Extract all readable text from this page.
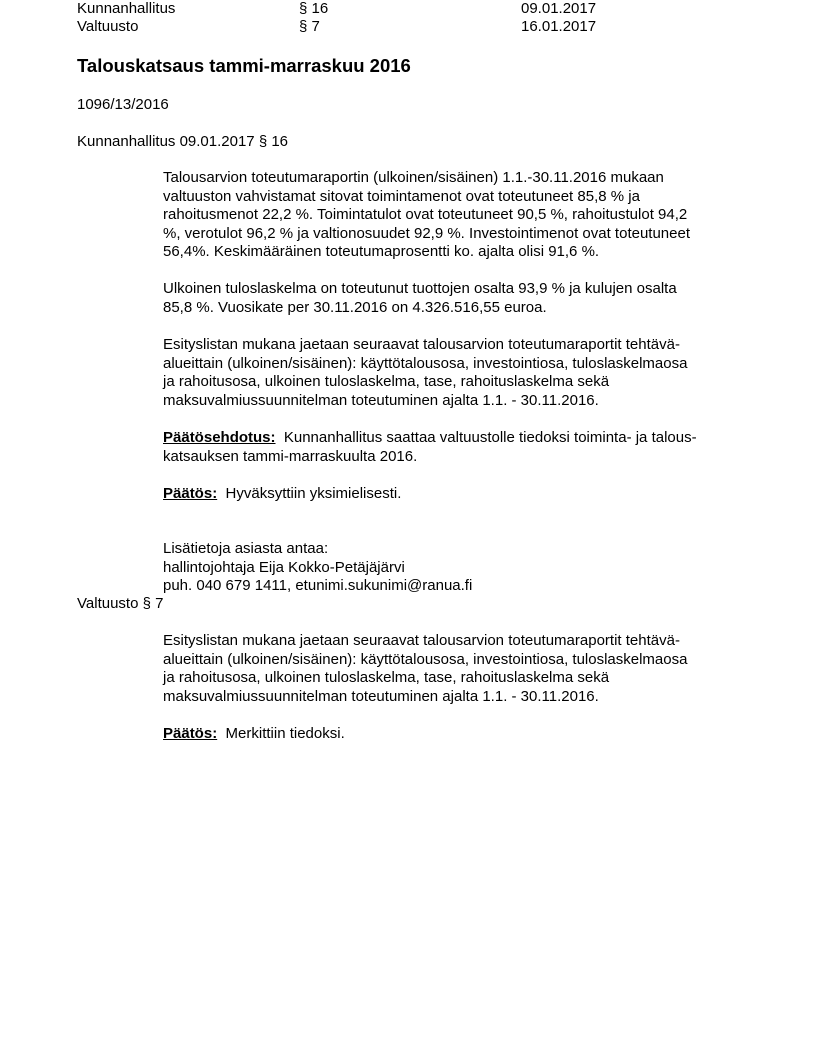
Kunnanhallitus	§ 16	09.01.2017
Valtuusto	§ 7	16.01.2017
Talouskatsaus tammi-marraskuu 2016
1096/13/2016
Kunnanhallitus 09.01.2017 § 16
Talousarvion toteutumaraportin (ulkoinen/sisäinen) 1.1.-30.11.2016 mukaan
valtuuston vahvistamat sitovat toimintamenot ovat toteutuneet 85,8 % ja
rahoitusmenot 22,2 %. Toimintatulot ovat toteutuneet 90,5 %, rahoitustulot 94,2
%, verotulot 96,2 % ja valtionosuudet 92,9 %. Investointimenot ovat toteutuneet
56,4%. Keskimääräinen toteutumaprosentti ko. ajalta olisi 91,6 %.
Ulkoinen tuloslaskelma on toteutunut tuottojen osalta 93,9 % ja kulujen osalta
85,8 %. Vuosikate per 30.11.2016 on 4.326.516,55 euroa.
Esityslistan mukana jaetaan seuraavat talousarvion toteutumaraportit tehtävä-
alueittain (ulkoinen/sisäinen): käyttötalousosa, investointiosa, tuloslaskelmaosa
ja rahoitusosa, ulkoinen tuloslaskelma, tase, rahoituslaskelma sekä
maksuvalmiussuunnitelman toteutuminen ajalta 1.1. - 30.11.2016.
Päätösehdotus: Kunnanhallitus saattaa valtuustolle tiedoksi toiminta- ja talous-
katsauksen tammi-marraskuulta 2016.
Päätös: Hyväksyttiin yksimielisesti.
Lisätietoja asiasta antaa:
hallintojohtaja Eija Kokko-Petäjäjärvi
puh. 040 679 1411, etunimi.sukunimi@ranua.fi
Valtuusto § 7
Esityslistan mukana jaetaan seuraavat talousarvion toteutumaraportit tehtävä-
alueittain (ulkoinen/sisäinen): käyttötalousosa, investointiosa, tuloslaskelmaosa
ja rahoitusosa, ulkoinen tuloslaskelma, tase, rahoituslaskelma sekä
maksuvalmiussuunnitelman toteutuminen ajalta 1.1. - 30.11.2016.
Päätös: Merkittiin tiedoksi.
